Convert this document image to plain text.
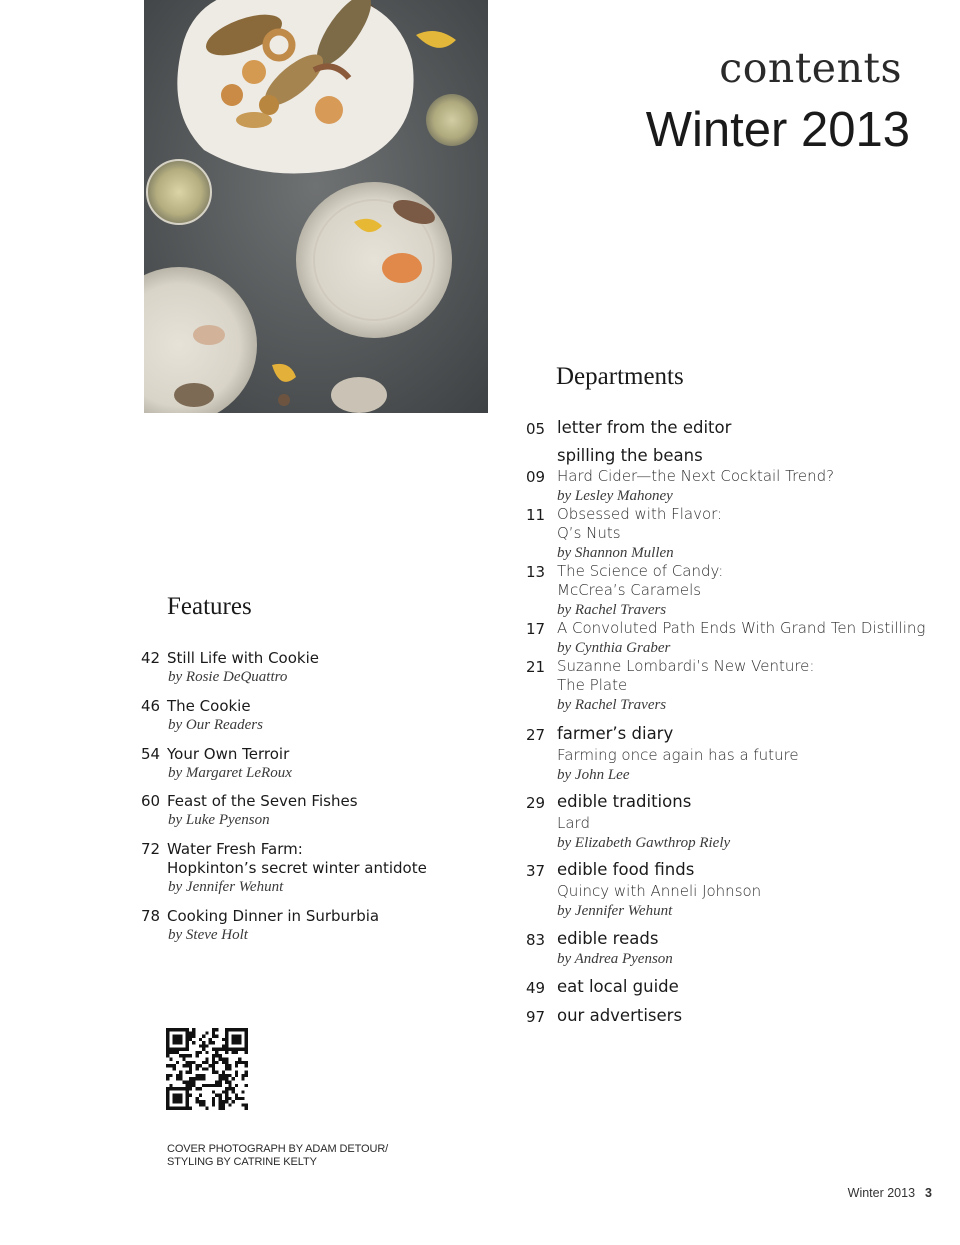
contents
Winter 2013
Departments
05 letter from the editor
spilling the beans
09 Hard Cider—the Next Cocktail Trend?
by Lesley Mahoney
11 Obsessed with Flavor:
Q’s Nuts
by Shannon Mullen
13 The Science of Candy:
McCrea’s Caramels
by Rachel Travers
17 A Convoluted Path Ends With Grand Ten Distilling
by Cynthia Graber
21 Suzanne Lombardi’s New Venture:
The Plate
by Rachel Travers
27 farmer’s diary
Farming once again has a future
by John Lee
29 edible traditions
Lard
by Elizabeth Gawthrop Riely
37 edible food finds
Quincy with Anneli Johnson
by Jennifer Wehunt
83 edible reads
by Andrea Pyenson
49 eat local guide
97 our advertisers
Features
42 Still Life with Cookie
by Rosie DeQuattro
46 The Cookie
by Our Readers
54 Your Own Terroir
by Margaret LeRoux
60 Feast of the Seven Fishes
by Luke Pyenson
72 Water Fresh Farm:
Hopkinton’s secret winter antidote
by Jennifer Wehunt
78 Cooking Dinner in Surburbia
by Steve Holt
COVER PHOTOGRAPH BY ADAM DETOUR/
STYLING BY CATRINE KELTY
Winter 2013 3
